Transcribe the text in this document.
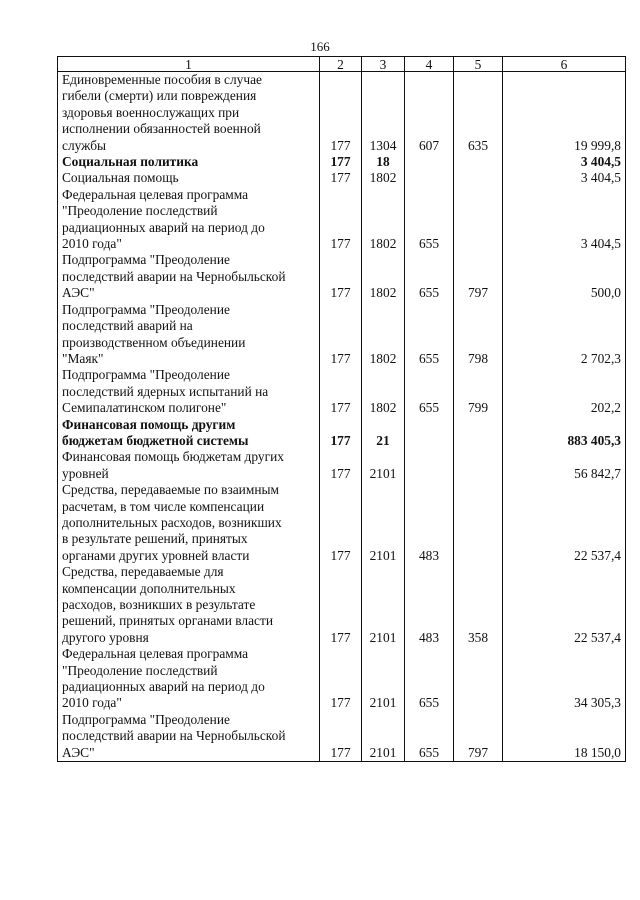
166
1	2	3	4	5	6

Единовременные пособия в случае
гибели (смерти) или повреждения
здоровья военнослужащих при
исполнении обязанностей военной
службы	177	1304	607	635	19 999,8

Социальная политика	177	18			3 404,5

Социальная помощь	177	1802			3 404,5

Федеральная целевая программа
"Преодоление последствий
радиационных аварий на период до
2010 года"	177	1802	655		3 404,5

Подпрограмма "Преодоление
последствий аварии на Чернобыльской
АЭС"	177	1802	655	797	500,0

Подпрограмма "Преодоление
последствий аварий на
производственном объединении
"Маяк"	177	1802	655	798	2 702,3

Подпрограмма "Преодоление
последствий ядерных испытаний на
Семипалатинском полигоне"	177	1802	655	799	202,2

Финансовая помощь другим
бюджетам бюджетной системы	177	21			883 405,3

Финансовая помощь бюджетам других
уровней	177	2101			56 842,7

Средства, передаваемые по взаимным
расчетам, в том числе компенсации
дополнительных расходов, возникших
в результате решений, принятых
органами других уровней власти	177	2101	483		22 537,4

Средства, передаваемые для
компенсации дополнительных
расходов, возникших в результате
решений, принятых органами власти
другого уровня	177	2101	483	358	22 537,4

Федеральная целевая программа
"Преодоление последствий
радиационных аварий на период до
2010 года"	177	2101	655		34 305,3

Подпрограмма "Преодоление
последствий аварии на Чернобыльской
АЭС"	177	2101	655	797	18 150,0
